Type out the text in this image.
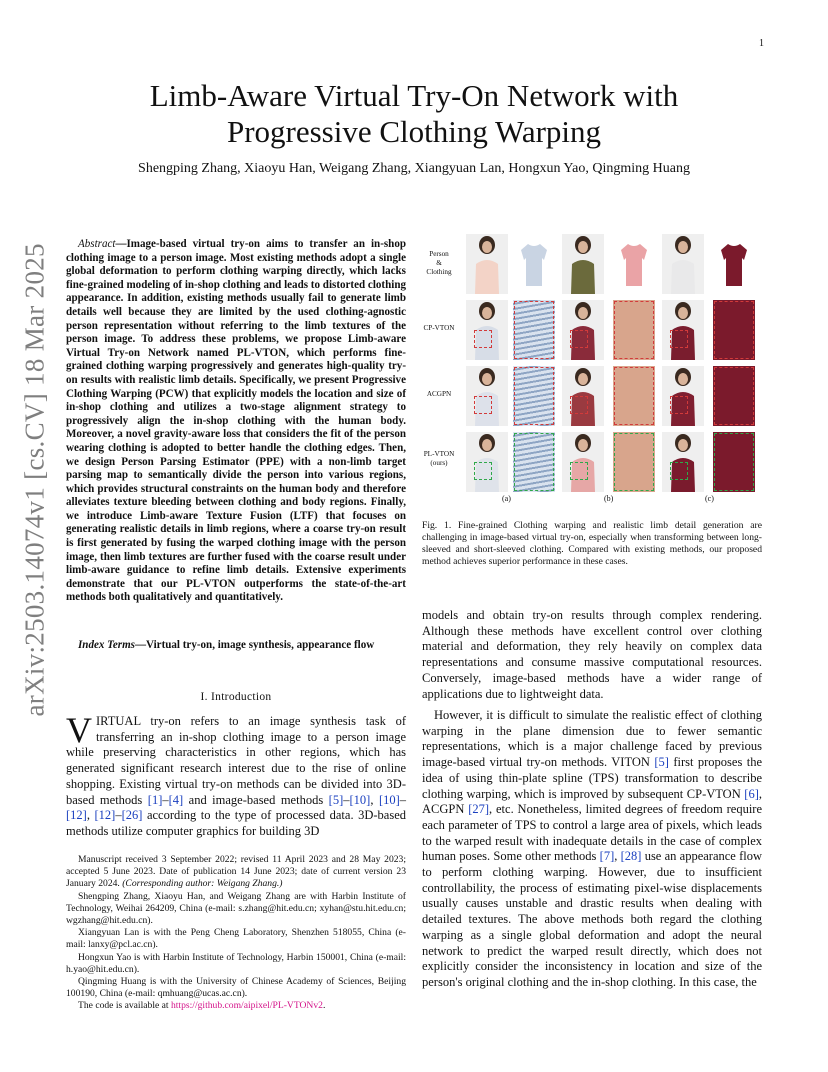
1
arXiv:2503.14074v1 [cs.CV] 18 Mar 2025
Limb-Aware Virtual Try-On Network with
Progressive Clothing Warping
Shengping Zhang, Xiaoyu Han, Weigang Zhang, Xiangyuan Lan, Hongxun Yao, Qingming Huang

Abstract—Image-based virtual try-on aims to transfer an in-shop clothing image to a person image. Most existing methods adopt a single global deformation to perform clothing warping directly, which lacks fine-grained modeling of in-shop clothing and leads to distorted clothing appearance. In addition, existing methods usually fail to generate limb details well because they are limited by the used clothing-agnostic person representation without referring to the limb textures of the person image. To address these problems, we propose Limb-aware Virtual Try-on Network named PL-VTON, which performs fine-grained clothing warping progressively and generates high-quality try-on results with realistic limb details. Specifically, we present Progressive Clothing Warping (PCW) that explicitly models the location and size of in-shop clothing and utilizes a two-stage alignment strategy to progressively align the in-shop clothing with the human body. Moreover, a novel gravity-aware loss that considers the fit of the person wearing clothing is adopted to better handle the clothing edges. Then, we design Person Parsing Estimator (PPE) with a non-limb target parsing map to semantically divide the person into various regions, which provides structural constraints on the human body and therefore alleviates texture bleeding between clothing and body regions. Finally, we introduce Limb-aware Texture Fusion (LTF) that focuses on generating realistic details in limb regions, where a coarse try-on result is first generated by fusing the warped clothing image with the person image, then limb textures are further fused with the coarse result under limb-aware guidance to refine limb details. Extensive experiments demonstrate that our PL-VTON outperforms the state-of-the-art methods both qualitatively and quantitatively.

Index Terms—Virtual try-on, image synthesis, appearance flow

I. Introduction

VIRTUAL try-on refers to an image synthesis task of transferring an in-shop clothing image to a person image while preserving characteristics in other regions, which has generated significant research interest due to the rise of online shopping. Existing virtual try-on methods can be divided into 3D-based methods [1]–[4] and image-based methods [5]–[10], [10]–[12], [12]–[26] according to the type of processed data. 3D-based methods utilize computer graphics for building 3D

Manuscript received 3 September 2022; revised 11 April 2023 and 28 May 2023; accepted 5 June 2023. Date of publication 14 June 2023; date of current version 23 January 2024. (Corresponding author: Weigang Zhang.)

Shengping Zhang, Xiaoyu Han, and Weigang Zhang are with Harbin Institute of Technology, Weihai 264209, China (e-mail: s.zhang@hit.edu.cn; xyhan@stu.hit.edu.cn; wgzhang@hit.edu.cn).

Xiangyuan Lan is with the Peng Cheng Laboratory, Shenzhen 518055, China (e-mail: lanxy@pcl.ac.cn).

Hongxun Yao is with Harbin Institute of Technology, Harbin 150001, China (e-mail: h.yao@hit.edu.cn).

Qingming Huang is with the University of Chinese Academy of Sciences, Beijing 100190, China (e-mail: qmhuang@ucas.ac.cn).

The code is available at https://github.com/aipixel/PL-VTONv2.

Person
&
Clothing
CP-VTON
ACGPN
PL-VTON
(ours)
(a)	(b)	(c)

Fig. 1. Fine-grained Clothing warping and realistic limb detail generation are challenging in image-based virtual try-on, especially when transforming between long-sleeved and short-sleeved clothing. Compared with existing methods, our proposed method achieves superior performance in these cases.

models and obtain try-on results through complex rendering. Although these methods have excellent control over clothing material and deformation, they rely heavily on complex data representations and consume massive computational resources. Conversely, image-based methods have a wider range of applications due to lightweight data.

However, it is difficult to simulate the realistic effect of clothing warping in the plane dimension due to fewer semantic representations, which is a major challenge faced by previous image-based virtual try-on methods. VITON [5] first proposes the idea of using thin-plate spline (TPS) transformation to describe clothing warping, which is improved by subsequent CP-VTON [6], ACGPN [27], etc. Nonetheless, limited degrees of freedom require each parameter of TPS to control a large area of pixels, which leads to the warped result with inadequate details in the case of complex human poses. Some other methods [7], [28] use an appearance flow to perform clothing warping. However, due to insufficient controllability, the process of estimating pixel-wise displacements usually causes unstable and drastic results when dealing with detailed textures. The above methods both regard the clothing warping as a single global deformation and adopt the neural network to predict the warped result directly, which does not explicitly consider the inconsistency in location and size of the person's original clothing and the in-shop clothing. In this case, the
